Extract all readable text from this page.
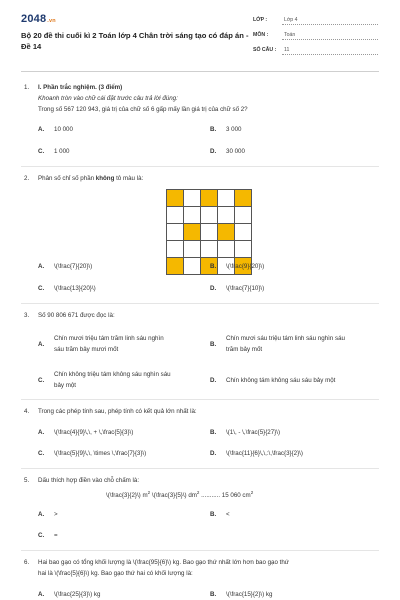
2048.vn
Bộ 20 đề thi cuối kì 2 Toán lớp 4 Chân trời sáng tạo có đáp án - Đề 14
LỚP :	Lớp 4
MÔN :	Toán
SỐ CÂU : 11
1. I. Phần trắc nghiệm. (3 điểm)
Khoanh tròn vào chữ cái đặt trước câu trả lời đúng:
Trong số 567 120 943, giá trị của chữ số 6 gấp mấy lần giá trị của chữ số 2?
A. 10 000	B. 3 000
C. 1 000	D. 30 000
2. Phân số chỉ số phần không tô màu là:

A. \(\frac{7}{20}\)	B. \(\frac{9}{20}\)
C. \(\frac{13}{20}\)	D. \(\frac{7}{10}\)
3. Số 90 806 671 được đọc là:
A.
Chín mươi triệu tám trăm linh sáu nghìn
sáu trăm bảy mươi mốt
B.
Chín mươi sáu triệu tám linh sáu nghìn sáu
trăm bảy mốt
C.
Chín không triệu tám không sáu nghìn sáu
bảy một
D. Chín không tám không sáu sáu bảy một
4. Trong các phép tính sau, phép tính có kết quả lớn nhất là:
A. \(\frac{4}{9}\,\, + \,\frac{5}{3}\)	B. \(1\, - \,\frac{5}{27}\)
C. \(\frac{5}{9}\,\, \times \,\frac{7}{3}\)	D. \(\frac{11}{6}\,\,:\,\frac{3}{2}\)
5. Dấu thích hợp điền vào chỗ chấm là:
\(\frac{3}{2}\) $m^2$ \(\frac{3}{5}\) $dm^2$ ........... 15 060 $cm^2$
A. >	B. <
C. =
6. Hai bao gạo có tổng khối lượng là \(\frac{95}{6}\) kg. Bao gạo thứ nhất lớn hơn bao gạo thứ
hai là \(\frac{5}{6}\) kg. Bao gạo thứ hai có khối lượng là:
A. \(\frac{25}{3}\) kg	B. \(\frac{15}{2}\) kg
